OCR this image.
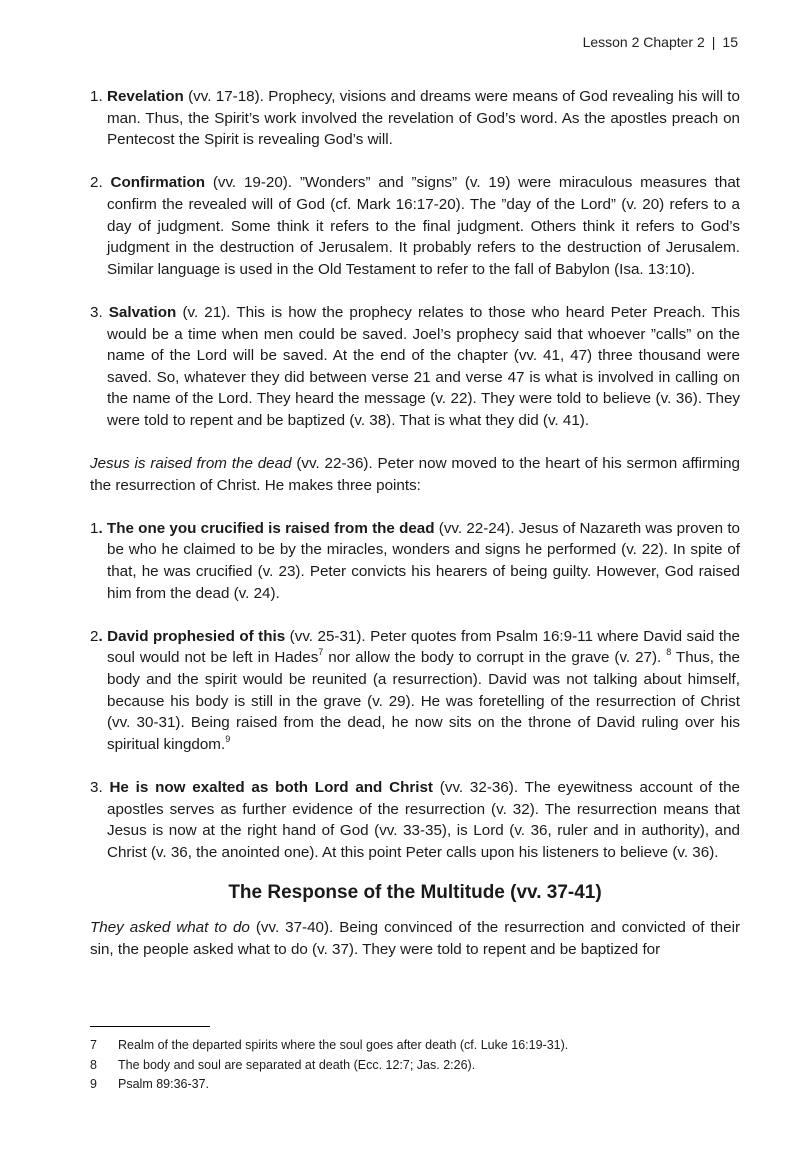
Lesson 2 Chapter 2 | 15

1. Revelation (vv. 17-18). Prophecy, visions and dreams were means of God revealing his will to man. Thus, the Spirit’s work involved the revelation of God’s word. As the apostles preach on Pentecost the Spirit is revealing God’s will.

2. Confirmation (vv. 19-20). ”Wonders” and ”signs” (v. 19) were miraculous measures that confirm the revealed will of God (cf. Mark 16:17-20). The ”day of the Lord” (v. 20) refers to a day of judgment. Some think it refers to the final judgment. Others think it refers to God’s judgment in the destruction of Jerusalem. It probably refers to the destruction of Jerusalem. Similar language is used in the Old Testament to refer to the fall of Babylon (Isa. 13:10).

3. Salvation (v. 21). This is how the prophecy relates to those who heard Peter Preach. This would be a time when men could be saved. Joel’s prophecy said that whoever ”calls” on the name of the Lord will be saved. At the end of the chapter (vv. 41, 47) three thousand were saved. So, whatever they did between verse 21 and verse 47 is what is involved in calling on the name of the Lord. They heard the message (v. 22). They were told to believe (v. 36). They were told to repent and be baptized (v. 38). That is what they did (v. 41).

Jesus is raised from the dead (vv. 22-36). Peter now moved to the heart of his sermon affirming the resurrection of Christ. He makes three points:

1. The one you crucified is raised from the dead (vv. 22-24). Jesus of Nazareth was proven to be who he claimed to be by the miracles, wonders and signs he performed (v. 22). In spite of that, he was crucified (v. 23). Peter convicts his hearers of being guilty. However, God raised him from the dead (v. 24).

2. David prophesied of this (vv. 25-31). Peter quotes from Psalm 16:9-11 where David said the soul would not be left in Hades$^7$ nor allow the body to corrupt in the grave (v. 27). $^8$ Thus, the body and the spirit would be reunited (a resurrection). David was not talking about himself, because his body is still in the grave (v. 29). He was foretelling of the resurrection of Christ (vv. 30-31). Being raised from the dead, he now sits on the throne of David ruling over his spiritual kingdom.$^9$

3. He is now exalted as both Lord and Christ (vv. 32-36). The eyewitness account of the apostles serves as further evidence of the resurrection (v. 32). The resurrection means that Jesus is now at the right hand of God (vv. 33-35), is Lord (v. 36, ruler and in authority), and Christ (v. 36, the anointed one). At this point Peter calls upon his listeners to believe (v. 36).

The Response of the Multitude (vv. 37-41)

They asked what to do (vv. 37-40). Being convinced of the resurrection and convicted of their sin, the people asked what to do (v. 37). They were told to repent and be baptized for

7	Realm of the departed spirits where the soul goes after death (cf. Luke 16:19-31).
8	The body and soul are separated at death (Ecc. 12:7; Jas. 2:26).
9	Psalm 89:36-37.
